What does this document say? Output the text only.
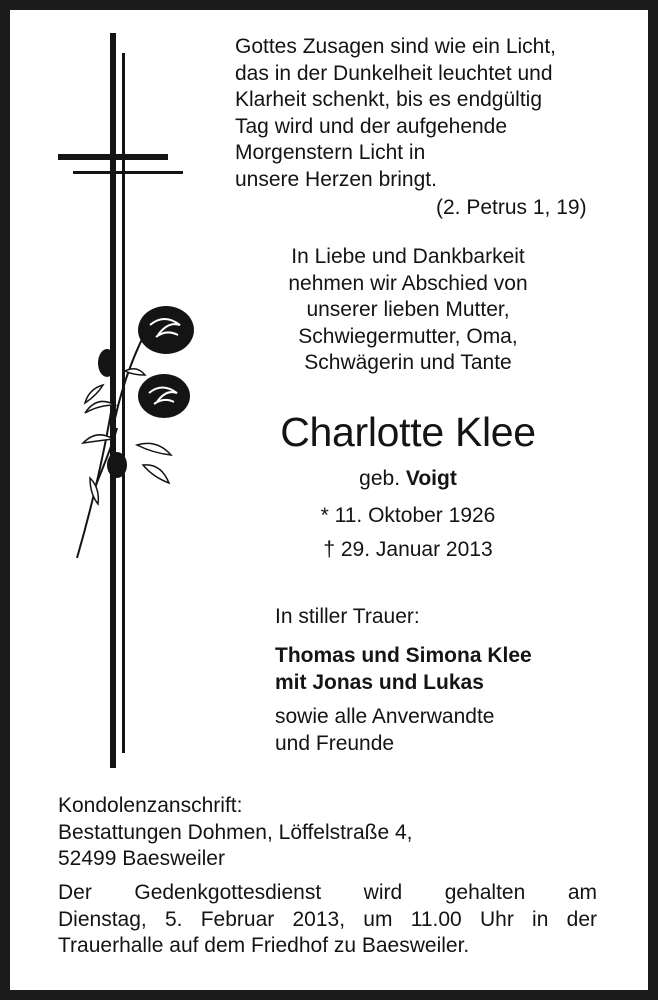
Gottes Zusagen sind wie ein Licht,
das in der Dunkelheit leuchtet und
Klarheit schenkt, bis es endgültig
Tag wird und der aufgehende
Morgenstern Licht in
unsere Herzen bringt.
(2. Petrus 1, 19)
In Liebe und Dankbarkeit
nehmen wir Abschied von
unserer lieben Mutter,
Schwiegermutter, Oma,
Schwägerin und Tante
Charlotte Klee
geb. Voigt
* 11. Oktober 1926
† 29. Januar 2013
In stiller Trauer:
Thomas und Simona Klee
mit Jonas und Lukas
sowie alle Anverwandte
und Freunde
Kondolenzanschrift:
Bestattungen Dohmen, Löffelstraße 4,
52499 Baesweiler
Der Gedenkgottesdienst wird gehalten am
Dienstag, 5. Februar 2013, um 11.00 Uhr in der
Trauerhalle auf dem Friedhof zu Baesweiler.
